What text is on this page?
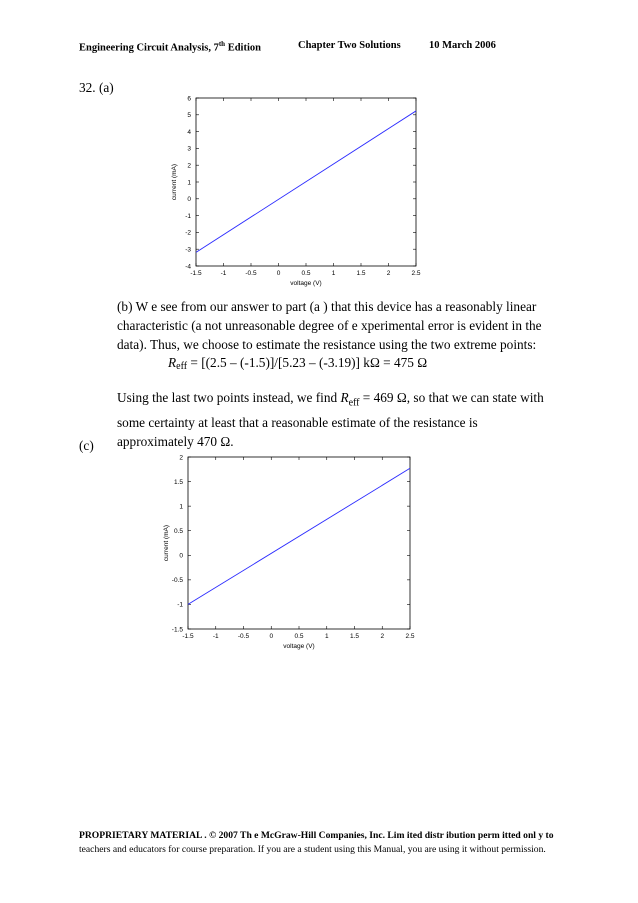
Engineering Circuit Analysis, 7th Edition	Chapter Two Solutions	10 March 2006
32. (a)
-1.5	-1	-0.5	0	0.5	1	1.5	2	2.5
-4
-3
-2
-1
0
1
2
3
4
5
6
voltage (V)
current (mA)
(b) W e see from our answer to part (a ) that this device has a reasonably linear characteristic (a not unreasonable degree of e xperimental error is evident in the data). Thus, we choose to estimate the resistance using the two extreme points:
$R_{eff} = [(2.5 - (-1.5)]/[5.23 - (-3.19)] k\Omega = 475$ Ω
Using the last two points instead, we find $R_{eff} = 469$ Ω, so that we can state with some certainty at least that a reasonable estimate of the resistance is approximately 470 Ω.
(c)
-1.5	-1	-0.5	0	0.5	1	1.5	2	2.5
-1.5
-1
-0.5
0
0.5
1
1.5
2
voltage (V)
current (mA)
PROPRIETARY MATERIAL . © 2007 Th e McGraw-Hill Companies, Inc. Lim ited distr ibution perm itted onl y to
teachers and educators for course preparation. If you are a student using this Manual, you are using it without permission.
